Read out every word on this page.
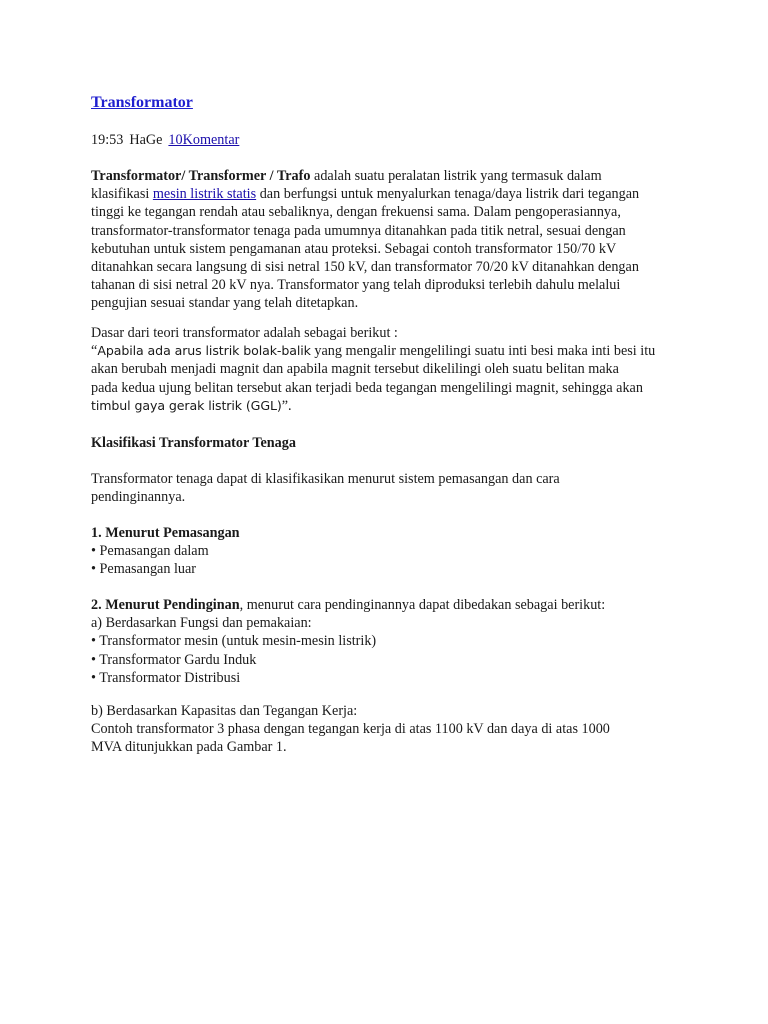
Transformator
19:53 HaGe 10Komentar

Transformator/ Transformer / Trafo adalah suatu peralatan listrik yang termasuk dalam
klasifikasi mesin listrik statis dan berfungsi untuk menyalurkan tenaga/daya listrik dari tegangan
tinggi ke tegangan rendah atau sebaliknya, dengan frekuensi sama. Dalam pengoperasiannya,
transformator-transformator tenaga pada umumnya ditanahkan pada titik netral, sesuai dengan
kebutuhan untuk sistem pengamanan atau proteksi. Sebagai contoh transformator 150/70 kV
ditanahkan secara langsung di sisi netral 150 kV, dan transformator 70/20 kV ditanahkan dengan
tahanan di sisi netral 20 kV nya. Transformator yang telah diproduksi terlebih dahulu melalui
pengujian sesuai standar yang telah ditetapkan.

Dasar dari teori transformator adalah sebagai berikut :
“Apabila ada arus listrik bolak-balik yang mengalir mengelilingi suatu inti besi maka inti besi itu
akan berubah menjadi magnit dan apabila magnit tersebut dikelilingi oleh suatu belitan maka
pada kedua ujung belitan tersebut akan terjadi beda tegangan mengelilingi magnit, sehingga akan
timbul gaya gerak listrik (GGL)”.

Klasifikasi Transformator Tenaga

Transformator tenaga dapat di klasifikasikan menurut sistem pemasangan dan cara
pendinginannya.

1. Menurut Pemasangan
• Pemasangan dalam
• Pemasangan luar

2. Menurut Pendinginan, menurut cara pendinginannya dapat dibedakan sebagai berikut:
a) Berdasarkan Fungsi dan pemakaian:
• Transformator mesin (untuk mesin-mesin listrik)
• Transformator Gardu Induk
• Transformator Distribusi

b) Berdasarkan Kapasitas dan Tegangan Kerja:
Contoh transformator 3 phasa dengan tegangan kerja di atas 1100 kV dan daya di atas 1000
MVA ditunjukkan pada Gambar 1.
